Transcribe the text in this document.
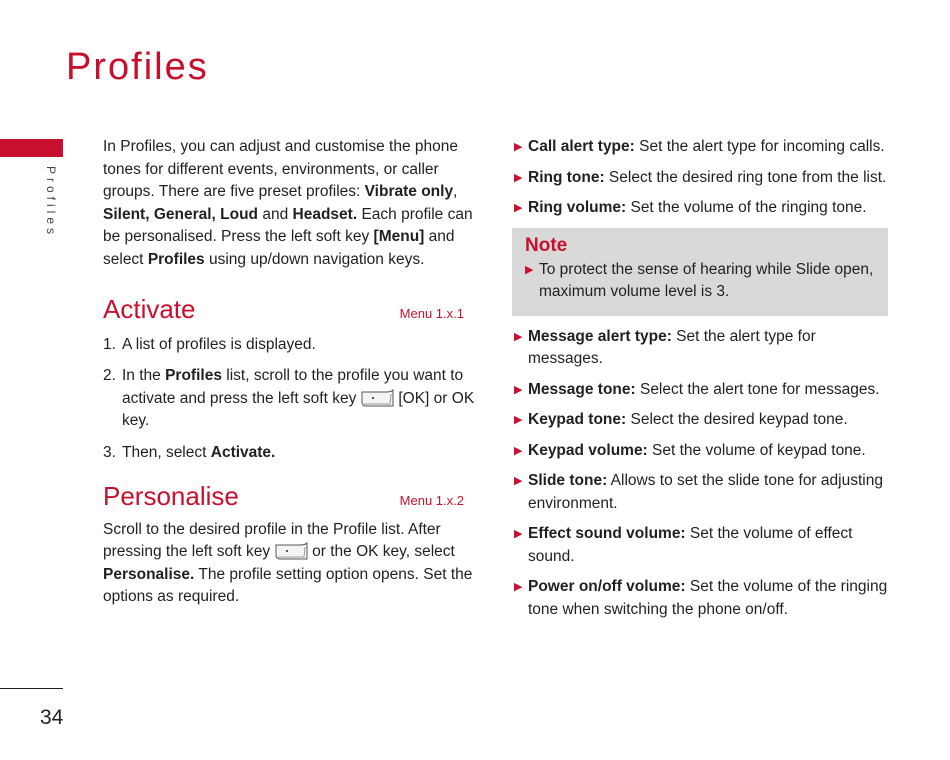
Profiles
Profiles
34

In Profiles, you can adjust and customise the phone tones for different events, environments, or caller groups. There are five preset profiles: Vibrate only, Silent, General, Loud and Headset. Each profile can be personalised. Press the left soft key [Menu] and select Profiles using up/down navigation keys.

Activate	Menu 1.x.1
1. A list of profiles is displayed.
2. In the Profiles list, scroll to the profile you want to activate and press the left soft key	[OK] or OK key.
3. Then, select Activate.
Personalise	Menu 1.x.2

Scroll to the desired profile in the Profile list. After pressing the left soft key	or the OK key, select Personalise. The profile setting option opens. Set the options as required.

▶ Call alert type: Set the alert type for incoming calls.
▶ Ring tone: Select the desired ring tone from the list.
▶ Ring volume: Set the volume of the ringing tone.

Note

▶ To protect the sense of hearing while Slide open, maximum volume level is 3.
▶ Message alert type: Set the alert type for messages.
▶ Message tone: Select the alert tone for messages.
▶ Keypad tone: Select the desired keypad tone.
▶ Keypad volume: Set the volume of keypad tone.
▶ Slide tone: Allows to set the slide tone for adjusting environment.
▶ Effect sound volume: Set the volume of effect sound.
▶ Power on/off volume: Set the volume of the ringing tone when switching the phone on/off.
